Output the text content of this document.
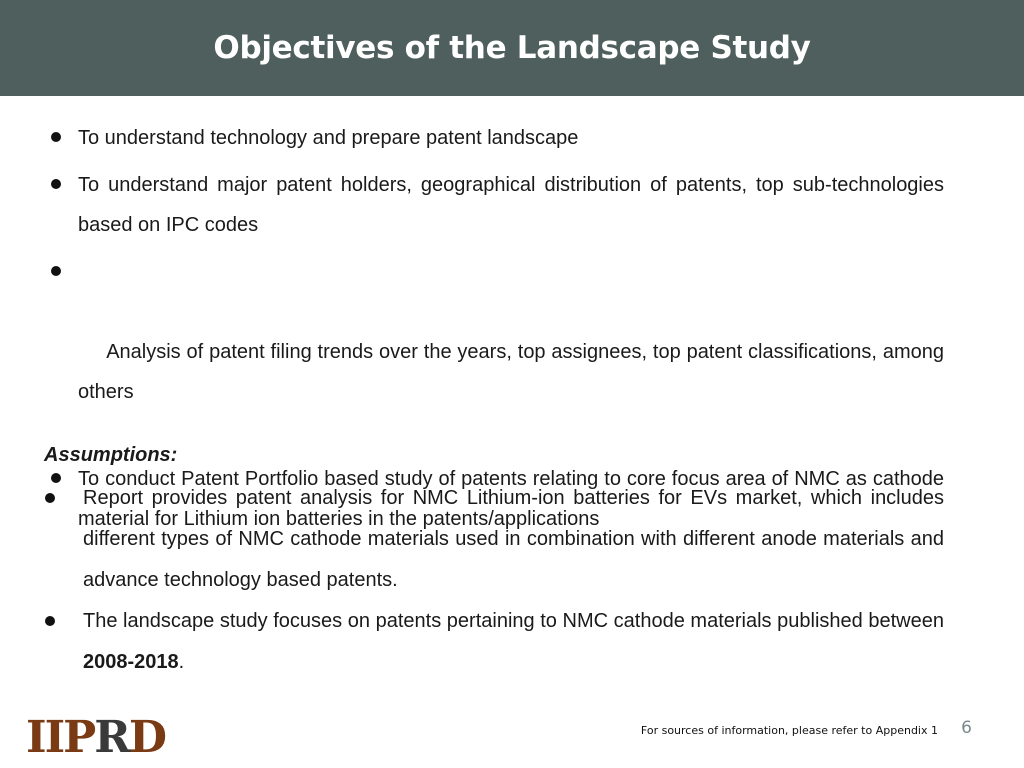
Objectives of the Landscape Study
To understand technology and prepare patent landscape
To understand major patent holders, geographical distribution of patents, top sub-technologies based on IPC codes

Analysis of patent filing trends over the years, top assignees, top patent classifications, among others

To conduct Patent Portfolio based study of patents relating to core focus area of NMC as cathode material for Lithium ion batteries in the patents/applications
Assumptions:
Report provides patent analysis for NMC Lithium-ion batteries for EVs market, which includes different types of NMC cathode materials used in combination with different anode materials and advance technology based patents.
The landscape study focuses on patents pertaining to NMC cathode materials published between 2008-2018.
IIP R D	For sources of information, please refer to Appendix 1 6
